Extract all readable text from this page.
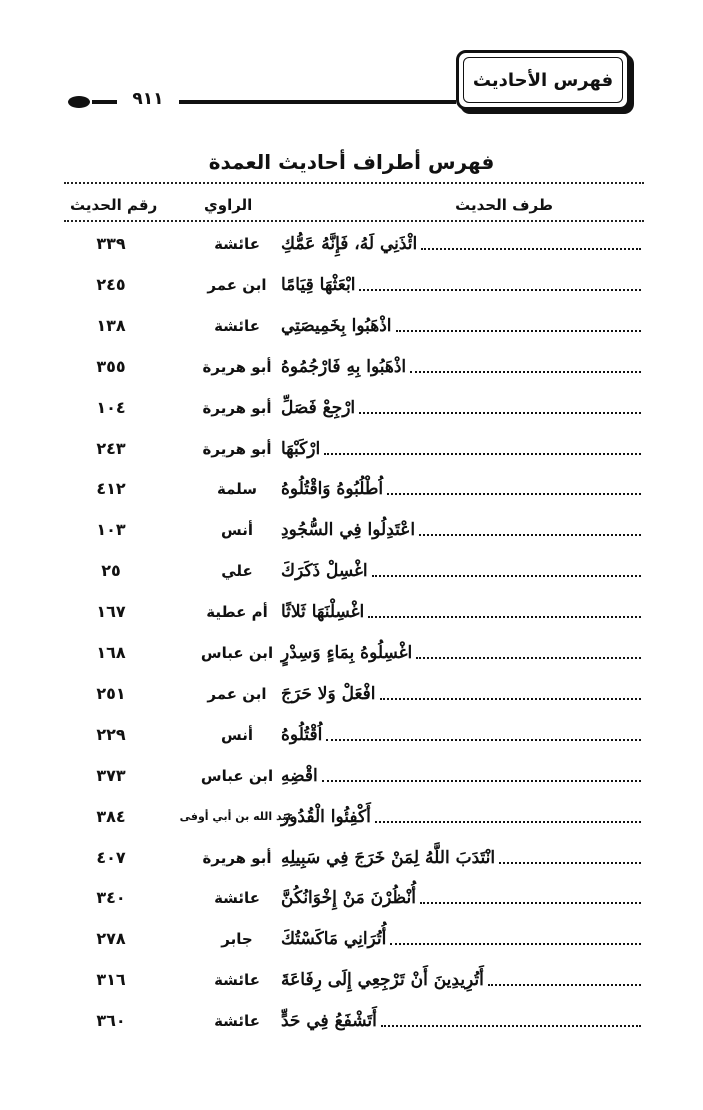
٩١١
فهرس الأحاديث
فهرس أطراف أحاديث العمدة
طرف الحديث
الراوي
رقم الحديث
ائْذَنِي لَهُ، فَإِنَّهُ عَمُّكِ
عائشة
٣٣٩
ابْعَثْهَا قِيَامًا
ابن عمر
٢٤٥
اذْهَبُوا بِخَمِيصَتِي
عائشة
١٣٨
اذْهَبُوا بِهِ فَارْجُمُوهُ
أبو هريرة
٣٥٥
ارْجِعْ فَصَلِّ
أبو هريرة
١٠٤
ارْكَبْهَا
أبو هريرة
٢٤٣
اُطْلُبُوهُ وَاقْتُلُوهُ
سلمة
٤١٢
اعْتَدِلُوا فِي السُّجُودِ
أنس
١٠٣
اغْسِلْ ذَكَرَكَ
علي
٢٥
اغْسِلْنَهَا ثَلاثًا
أم عطية
١٦٧
اغْسِلُوهُ بِمَاءٍ وَسِدْرٍ
ابن عباس
١٦٨
افْعَلْ وَلا حَرَجَ
ابن عمر
٢٥١
اُقْتُلُوهُ
أنس
٢٢٩
اقْضِهِ
ابن عباس
٣٧٣
أَكْفِئُوا الْقُدُورَ
عبد الله بن أبي أوفى
٣٨٤
انْتَدَبَ اللَّهُ لِمَنْ خَرَجَ فِي سَبِيلِهِ
أبو هريرة
٤٠٧
أُنْظُرْنَ مَنْ إِخْوَانُكُنَّ
عائشة
٣٤٠
أُتُرَانِي مَاكَسْتُكَ
جابر
٢٧٨
أَتُرِيدِينَ أَنْ تَرْجِعِي إِلَى رِفَاعَةَ
عائشة
٣١٦
أَتَشْفَعُ فِي حَدٍّ
عائشة
٣٦٠
